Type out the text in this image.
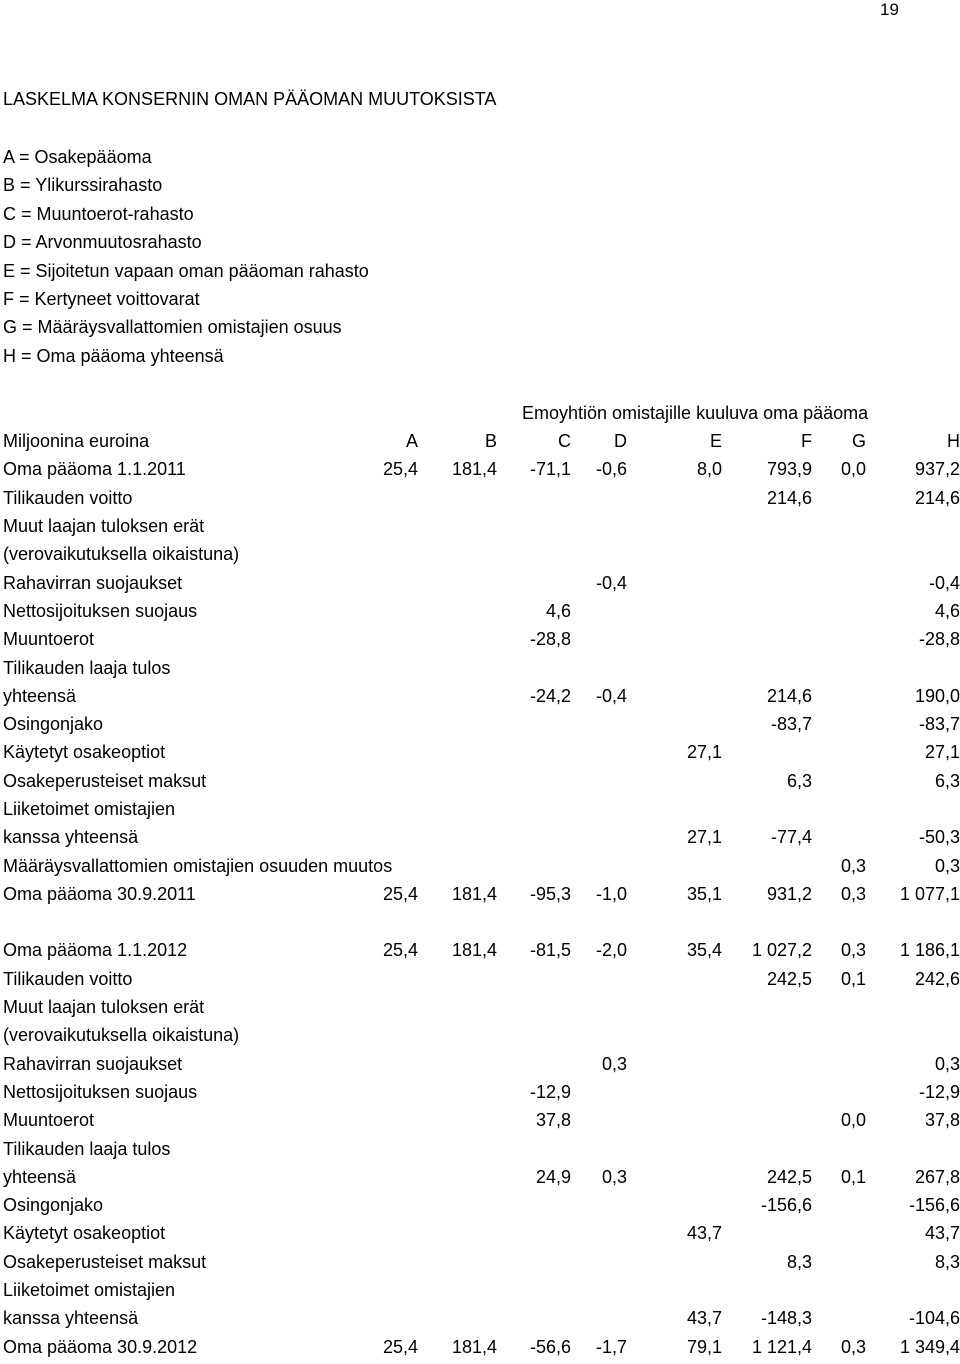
19
LASKELMA KONSERNIN OMAN PÄÄOMAN MUUTOKSISTA
A = Osakepääoma
B = Ylikurssirahasto
C = Muuntoerot-rahasto
D = Arvonmuutosrahasto
E = Sijoitetun vapaan oman pääoman rahasto
F = Kertyneet voittovarat
G = Määräysvallattomien omistajien osuus
H = Oma pääoma yhteensä
Emoyhtiön omistajille kuuluva oma pääoma
Miljoonina euroina	A	B	C	D	E	F	G	H
Oma pääoma 1.1.2011	25,4	181,4	-71,1	-0,6	8,0	793,9	0,0	937,2
Tilikauden voitto						214,6		214,6
Muut laajan tuloksen erät								
(verovaikutuksella oikaistuna)								
Rahavirran suojaukset				-0,4				-0,4
Nettosijoituksen suojaus			4,6					4,6
Muuntoerot			-28,8					-28,8
Tilikauden laaja tulos								
yhteensä			-24,2	-0,4		214,6		190,0
Osingonjako						-83,7		-83,7
Käytetyt osakeoptiot					27,1			27,1
Osakeperusteiset maksut						6,3		6,3
Liiketoimet omistajien								
kanssa yhteensä					27,1	-77,4		-50,3
Määräysvallattomien omistajien osuuden muutos							0,3	0,3
Oma pääoma 30.9.2011	25,4	181,4	-95,3	-1,0	35,1	931,2	0,3	1 077,1

Oma pääoma 1.1.2012	25,4	181,4	-81,5	-2,0	35,4	1 027,2	0,3	1 186,1
Tilikauden voitto						242,5	0,1	242,6
Muut laajan tuloksen erät								
(verovaikutuksella oikaistuna)								
Rahavirran suojaukset				0,3				0,3
Nettosijoituksen suojaus			-12,9					-12,9
Muuntoerot			37,8				0,0	37,8
Tilikauden laaja tulos								
yhteensä			24,9	0,3		242,5	0,1	267,8
Osingonjako						-156,6		-156,6
Käytetyt osakeoptiot					43,7			43,7
Osakeperusteiset maksut						8,3		8,3
Liiketoimet omistajien								
kanssa yhteensä					43,7	-148,3		-104,6
Oma pääoma 30.9.2012	25,4	181,4	-56,6	-1,7	79,1	1 121,4	0,3	1 349,4
